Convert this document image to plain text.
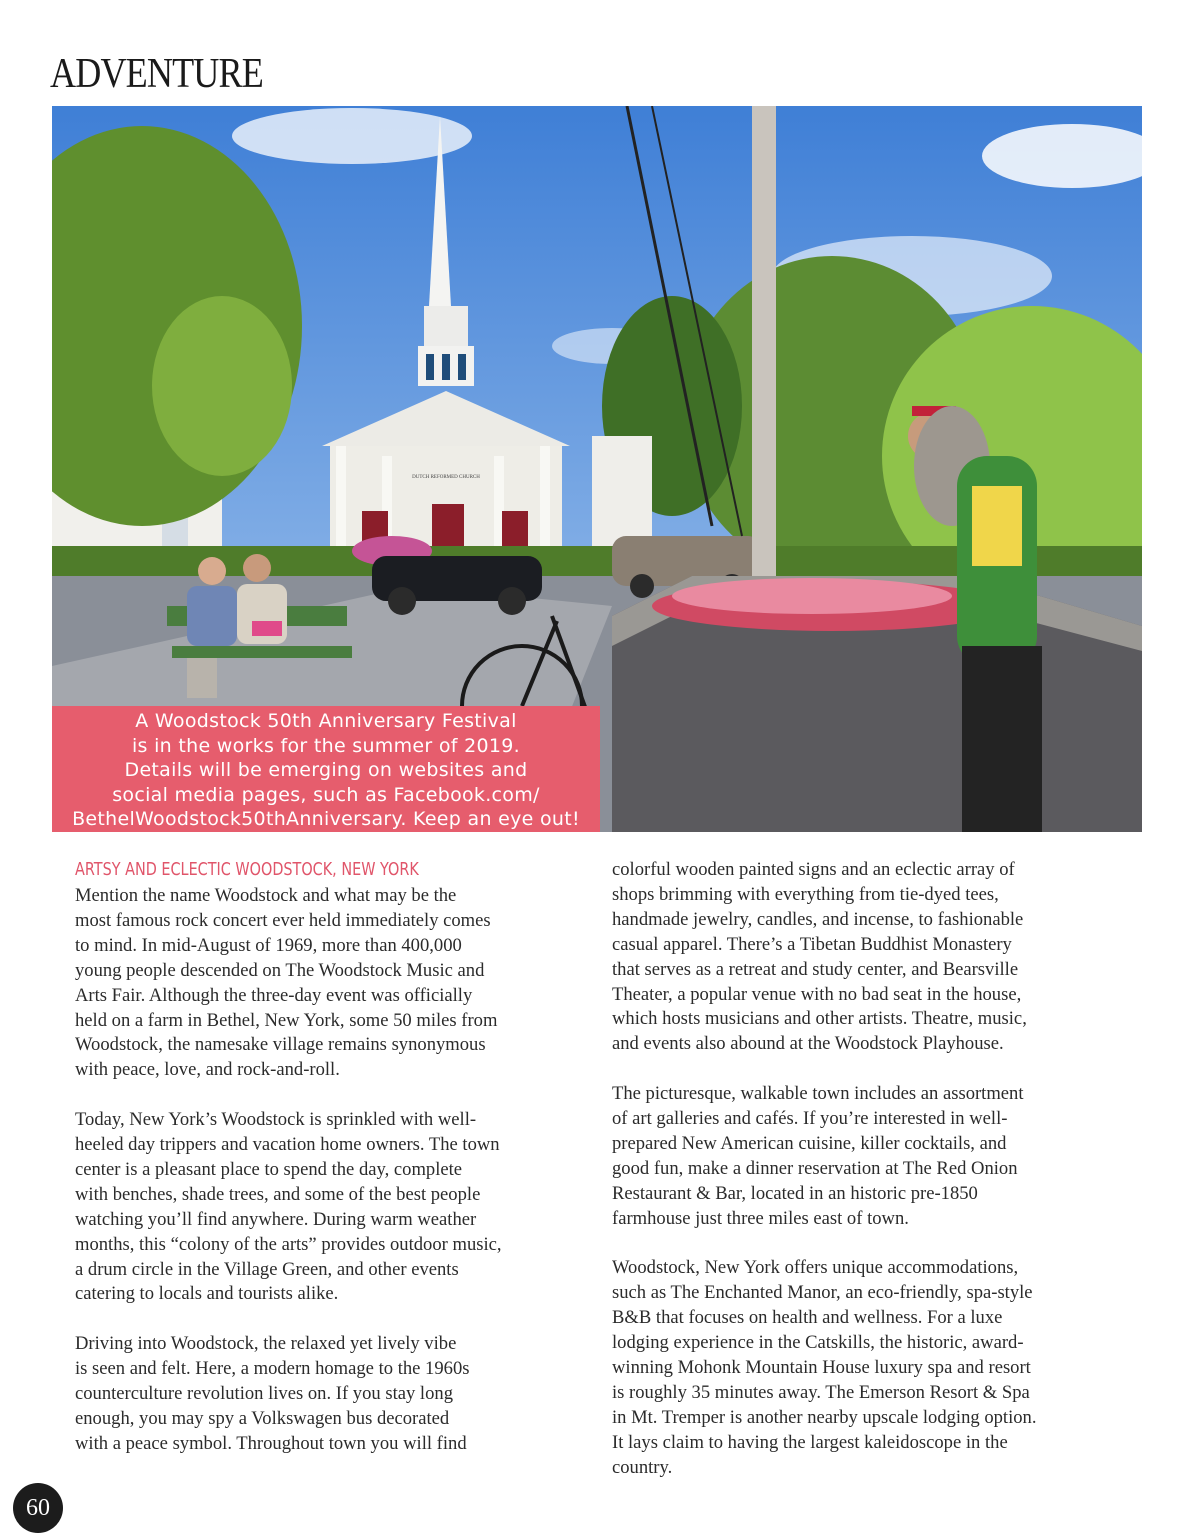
ADVENTURE
DUTCH REFORMED CHURCH
A Woodstock 50th Anniversary Festival
is in the works for the summer of 2019.
Details will be emerging on websites and
social media pages, such as Facebook.com/
BethelWoodstock50thAnniversary. Keep an eye out!
ARTSY AND ECLECTIC WOODSTOCK, NEW YORK

Mention the name Woodstock and what may be the
most famous rock concert ever held immediately comes
to mind. In mid-August of 1969, more than 400,000
young people descended on The Woodstock Music and
Arts Fair. Although the three-day event was officially
held on a farm in Bethel, New York, some 50 miles from
Woodstock, the namesake village remains synonymous
with peace, love, and rock-and-roll.

Today, New York’s Woodstock is sprinkled with well-
heeled day trippers and vacation home owners. The town
center is a pleasant place to spend the day, complete
with benches, shade trees, and some of the best people
watching you’ll find anywhere. During warm weather
months, this “colony of the arts” provides outdoor music,
a drum circle in the Village Green, and other events
catering to locals and tourists alike.

Driving into Woodstock, the relaxed yet lively vibe
is seen and felt. Here, a modern homage to the 1960s
counterculture revolution lives on. If you stay long
enough, you may spy a Volkswagen bus decorated
with a peace symbol. Throughout town you will find

colorful wooden painted signs and an eclectic array of
shops brimming with everything from tie-dyed tees,
handmade jewelry, candles, and incense, to fashionable
casual apparel. There’s a Tibetan Buddhist Monastery
that serves as a retreat and study center, and Bearsville
Theater, a popular venue with no bad seat in the house,
which hosts musicians and other artists. Theatre, music,
and events also abound at the Woodstock Playhouse.

The picturesque, walkable town includes an assortment
of art galleries and cafés. If you’re interested in well-
prepared New American cuisine, killer cocktails, and
good fun, make a dinner reservation at The Red Onion
Restaurant & Bar, located in an historic pre-1850
farmhouse just three miles east of town.

Woodstock, New York offers unique accommodations,
such as The Enchanted Manor, an eco-friendly, spa-style
B&B that focuses on health and wellness. For a luxe
lodging experience in the Catskills, the historic, award-
winning Mohonk Mountain House luxury spa and resort
is roughly 35 minutes away. The Emerson Resort & Spa
in Mt. Tremper is another nearby upscale lodging option.
It lays claim to having the largest kaleidoscope in the
country.

60
